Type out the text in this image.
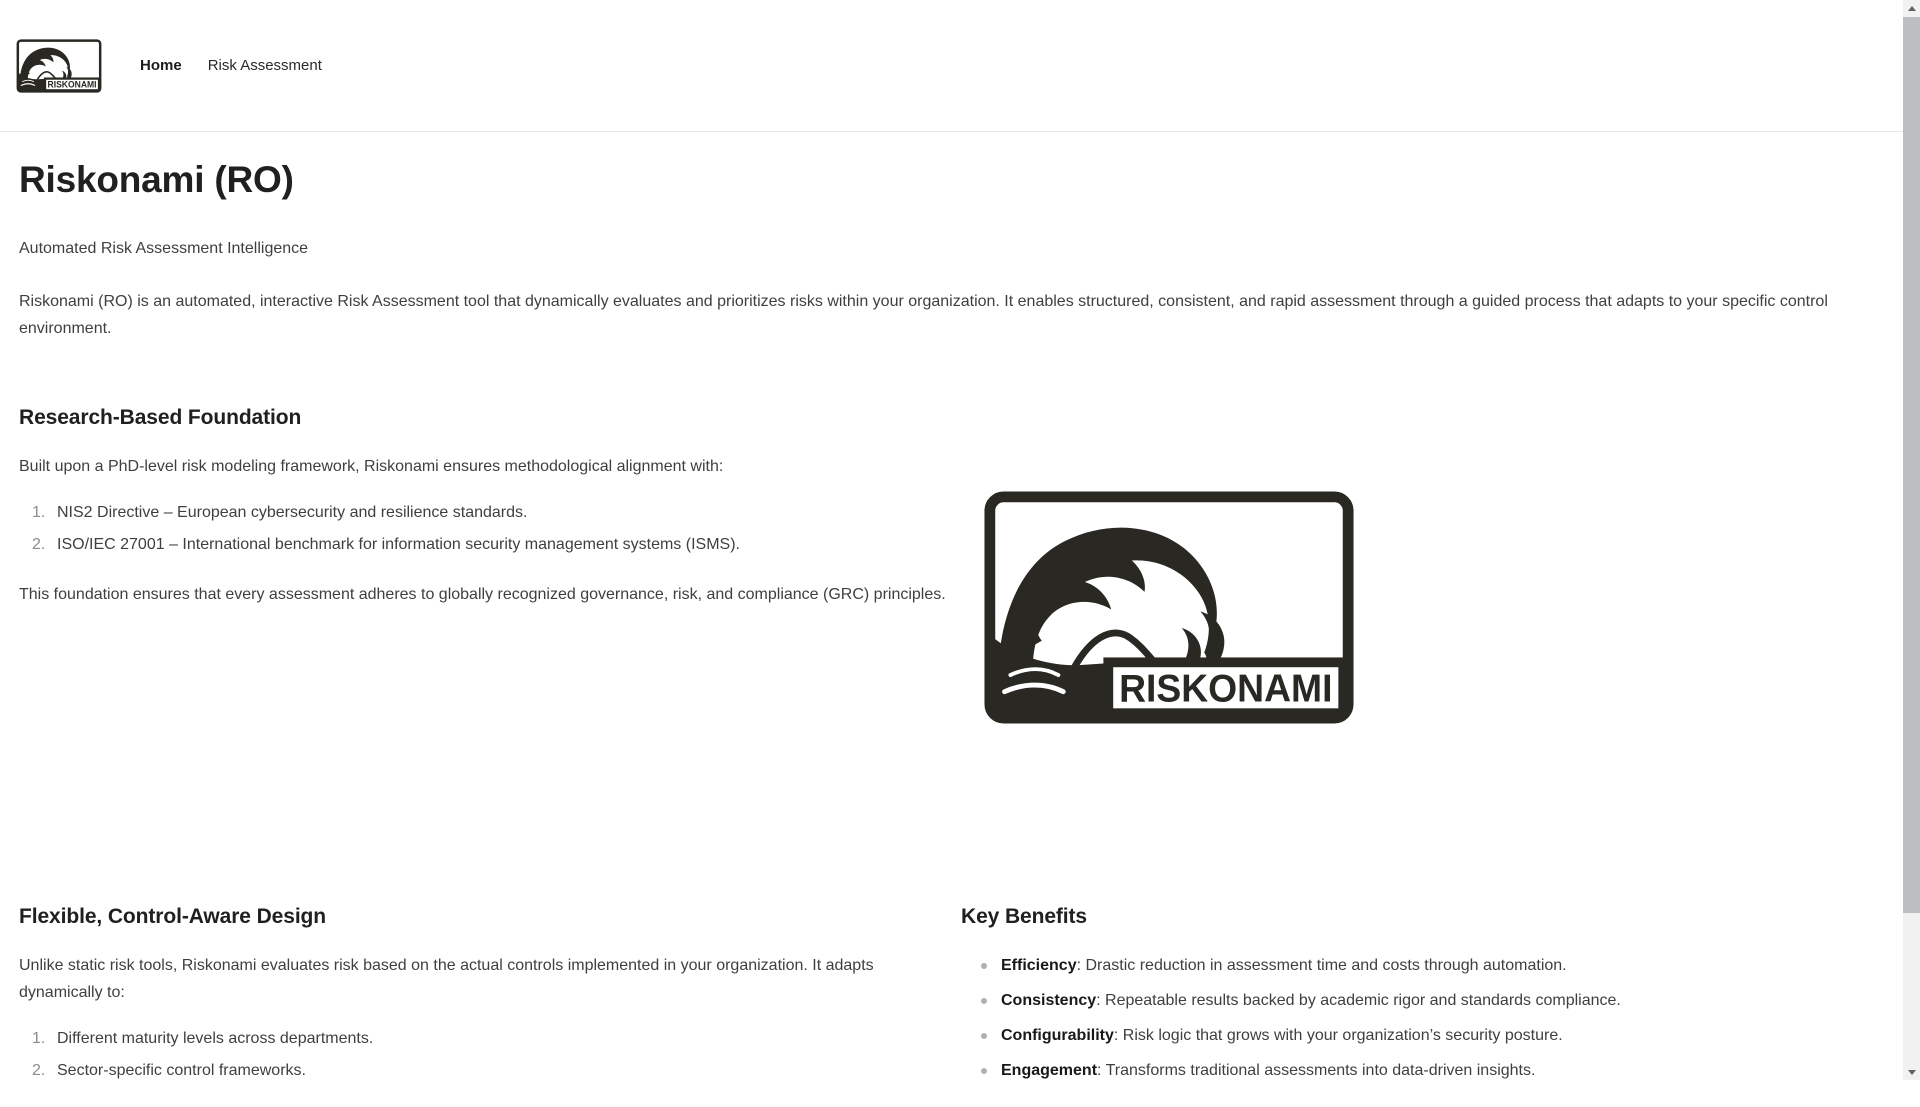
Home Risk Assessment
Riskonami (RO)

Automated Risk Assessment Intelligence

Riskonami (RO) is an automated, interactive Risk Assessment tool that dynamically evaluates and prioritizes risks within your organization. It enables structured, consistent, and rapid assessment through a guided process that adapts to your specific control environment.

Research-Based Foundation

Built upon a PhD-level risk modeling framework, Riskonami ensures methodological alignment with:

NIS2 Directive – European cybersecurity and resilience standards.
ISO/IEC 27001 – International benchmark for information security management systems (ISMS).

This foundation ensures that every assessment adheres to globally recognized governance, risk, and compliance (GRC) principles.

Flexible, Control-Aware Design

Unlike static risk tools, Riskonami evaluates risk based on the actual controls implemented in your organization. It adapts dynamically to:

Different maturity levels across departments.
Sector-specific control frameworks.
Key Benefits
Efficiency: Drastic reduction in assessment time and costs through automation.
Consistency: Repeatable results backed by academic rigor and standards compliance.
Configurability: Risk logic that grows with your organization’s security posture.
Engagement: Transforms traditional assessments into data-driven insights.
